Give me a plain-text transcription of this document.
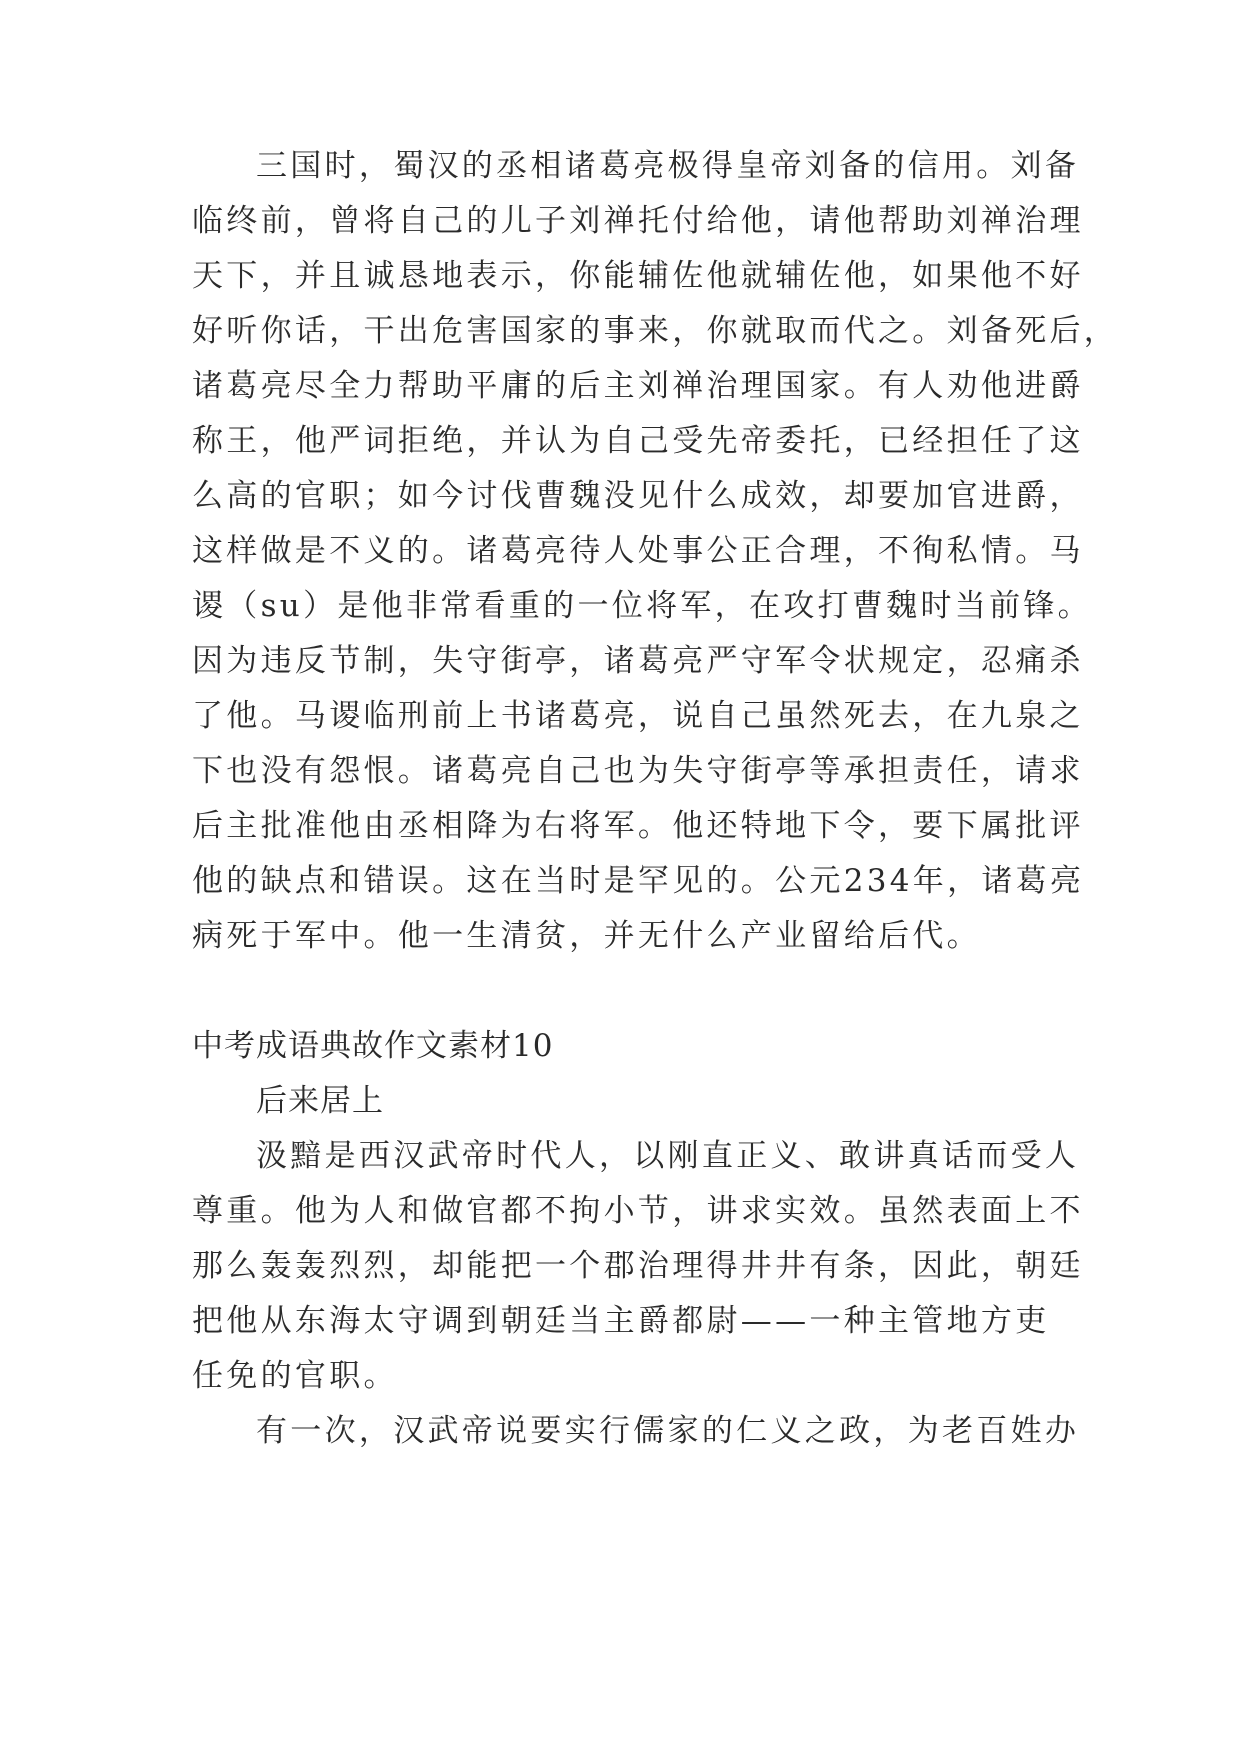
三国时，蜀汉的丞相诸葛亮极得皇帝刘备的信用。刘备
临终前，曾将自己的儿子刘禅托付给他，请他帮助刘禅治理
天下，并且诚恳地表示，你能辅佐他就辅佐他，如果他不好
好听你话，干出危害国家的事来，你就取而代之。刘备死后，
诸葛亮尽全力帮助平庸的后主刘禅治理国家。有人劝他进爵
称王，他严词拒绝，并认为自己受先帝委托，已经担任了这
么高的官职；如今讨伐曹魏没见什么成效，却要加官进爵，
这样做是不义的。诸葛亮待人处事公正合理，不徇私情。马
谡（su）是他非常看重的一位将军，在攻打曹魏时当前锋。
因为违反节制，失守街亭，诸葛亮严守军令状规定，忍痛杀
了他。马谡临刑前上书诸葛亮，说自己虽然死去，在九泉之
下也没有怨恨。诸葛亮自己也为失守街亭等承担责任，请求
后主批准他由丞相降为右将军。他还特地下令，要下属批评
他的缺点和错误。这在当时是罕见的。公元234年，诸葛亮
病死于军中。他一生清贫，并无什么产业留给后代。
中考成语典故作文素材10
后来居上
汲黯是西汉武帝时代人，以刚直正义、敢讲真话而受人
尊重。他为人和做官都不拘小节，讲求实效。虽然表面上不
那么轰轰烈烈，却能把一个郡治理得井井有条，因此，朝廷
把他从东海太守调到朝廷当主爵都尉——一种主管地方吏
任免的官职。
有一次，汉武帝说要实行儒家的仁义之政，为老百姓办
